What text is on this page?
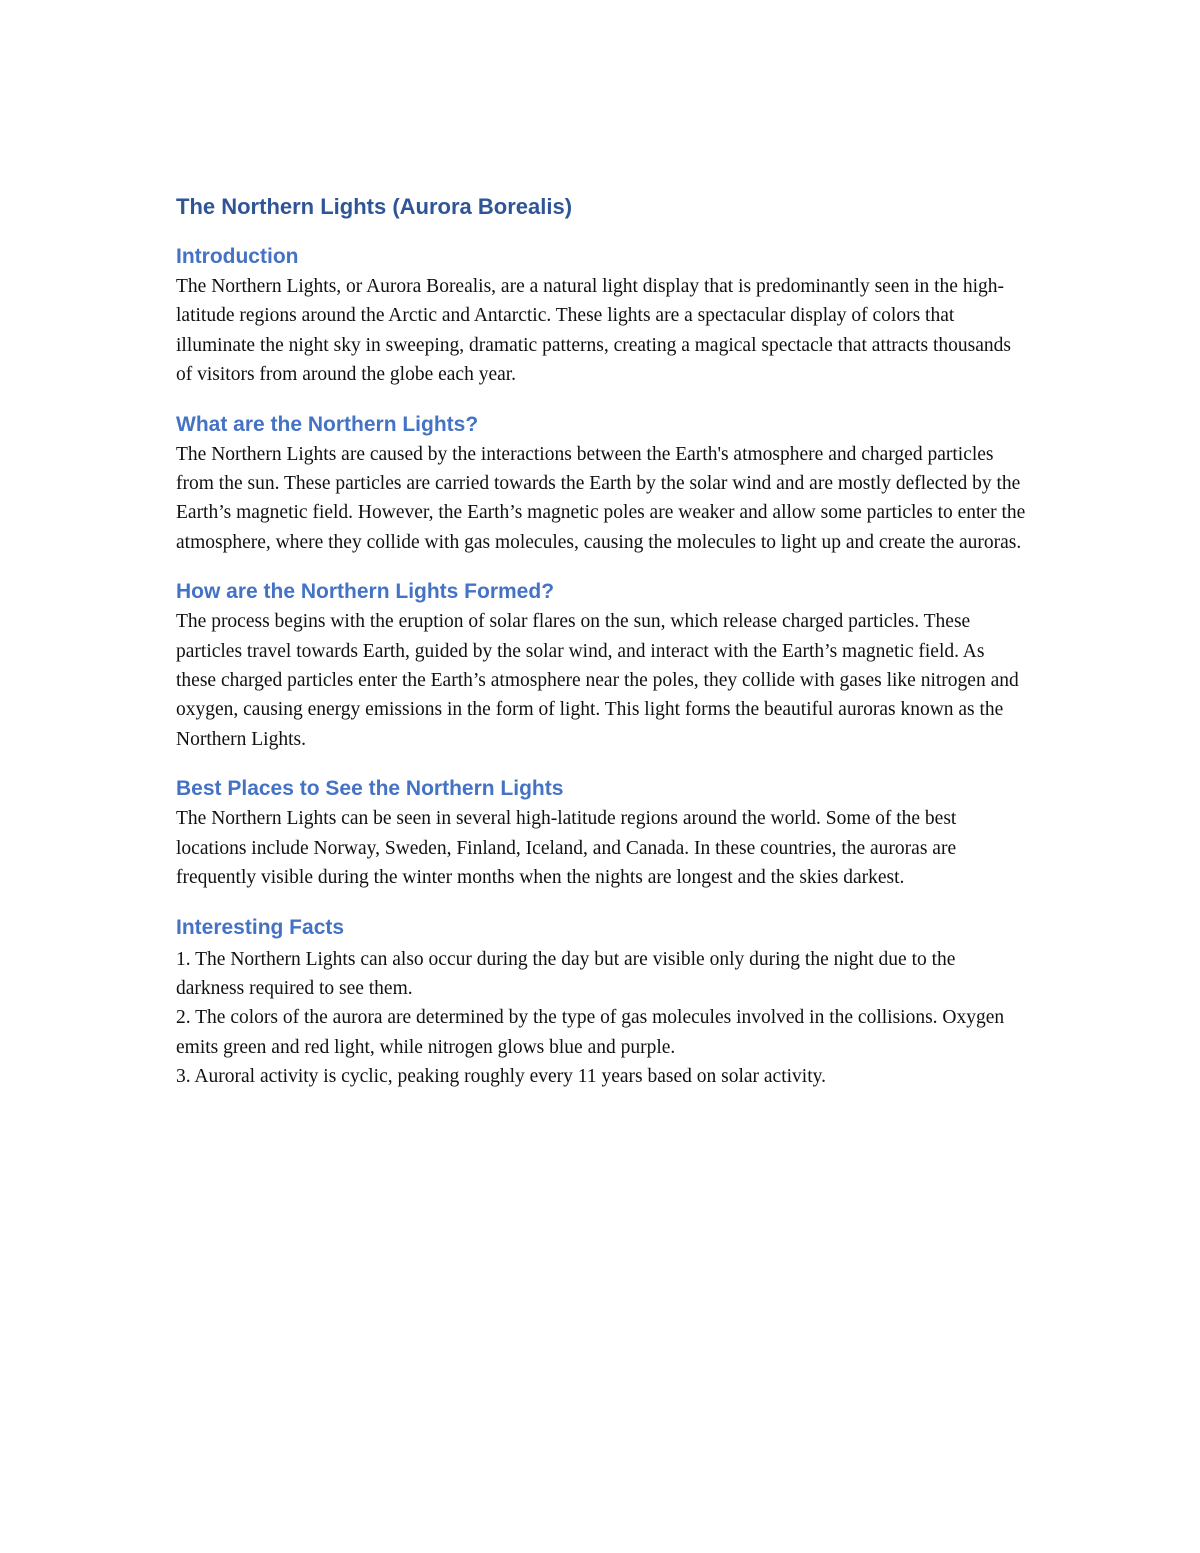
The Northern Lights (Aurora Borealis)
Introduction

The Northern Lights, or Aurora Borealis, are a natural light display that is predominantly seen in the high-latitude regions around the Arctic and Antarctic. These lights are a spectacular display of colors that illuminate the night sky in sweeping, dramatic patterns, creating a magical spectacle that attracts thousands of visitors from around the globe each year.

What are the Northern Lights?

The Northern Lights are caused by the interactions between the Earth's atmosphere and charged particles from the sun. These particles are carried towards the Earth by the solar wind and are mostly deflected by the Earth’s magnetic field. However, the Earth’s magnetic poles are weaker and allow some particles to enter the atmosphere, where they collide with gas molecules, causing the molecules to light up and create the auroras.

How are the Northern Lights Formed?

The process begins with the eruption of solar flares on the sun, which release charged particles. These particles travel towards Earth, guided by the solar wind, and interact with the Earth’s magnetic field. As these charged particles enter the Earth’s atmosphere near the poles, they collide with gases like nitrogen and oxygen, causing energy emissions in the form of light. This light forms the beautiful auroras known as the Northern Lights.

Best Places to See the Northern Lights

The Northern Lights can be seen in several high-latitude regions around the world. Some of the best locations include Norway, Sweden, Finland, Iceland, and Canada. In these countries, the auroras are frequently visible during the winter months when the nights are longest and the skies darkest.

Interesting Facts

1. The Northern Lights can also occur during the day but are visible only during the night due to the darkness required to see them.

2. The colors of the aurora are determined by the type of gas molecules involved in the collisions. Oxygen emits green and red light, while nitrogen glows blue and purple.

3. Auroral activity is cyclic, peaking roughly every 11 years based on solar activity.
